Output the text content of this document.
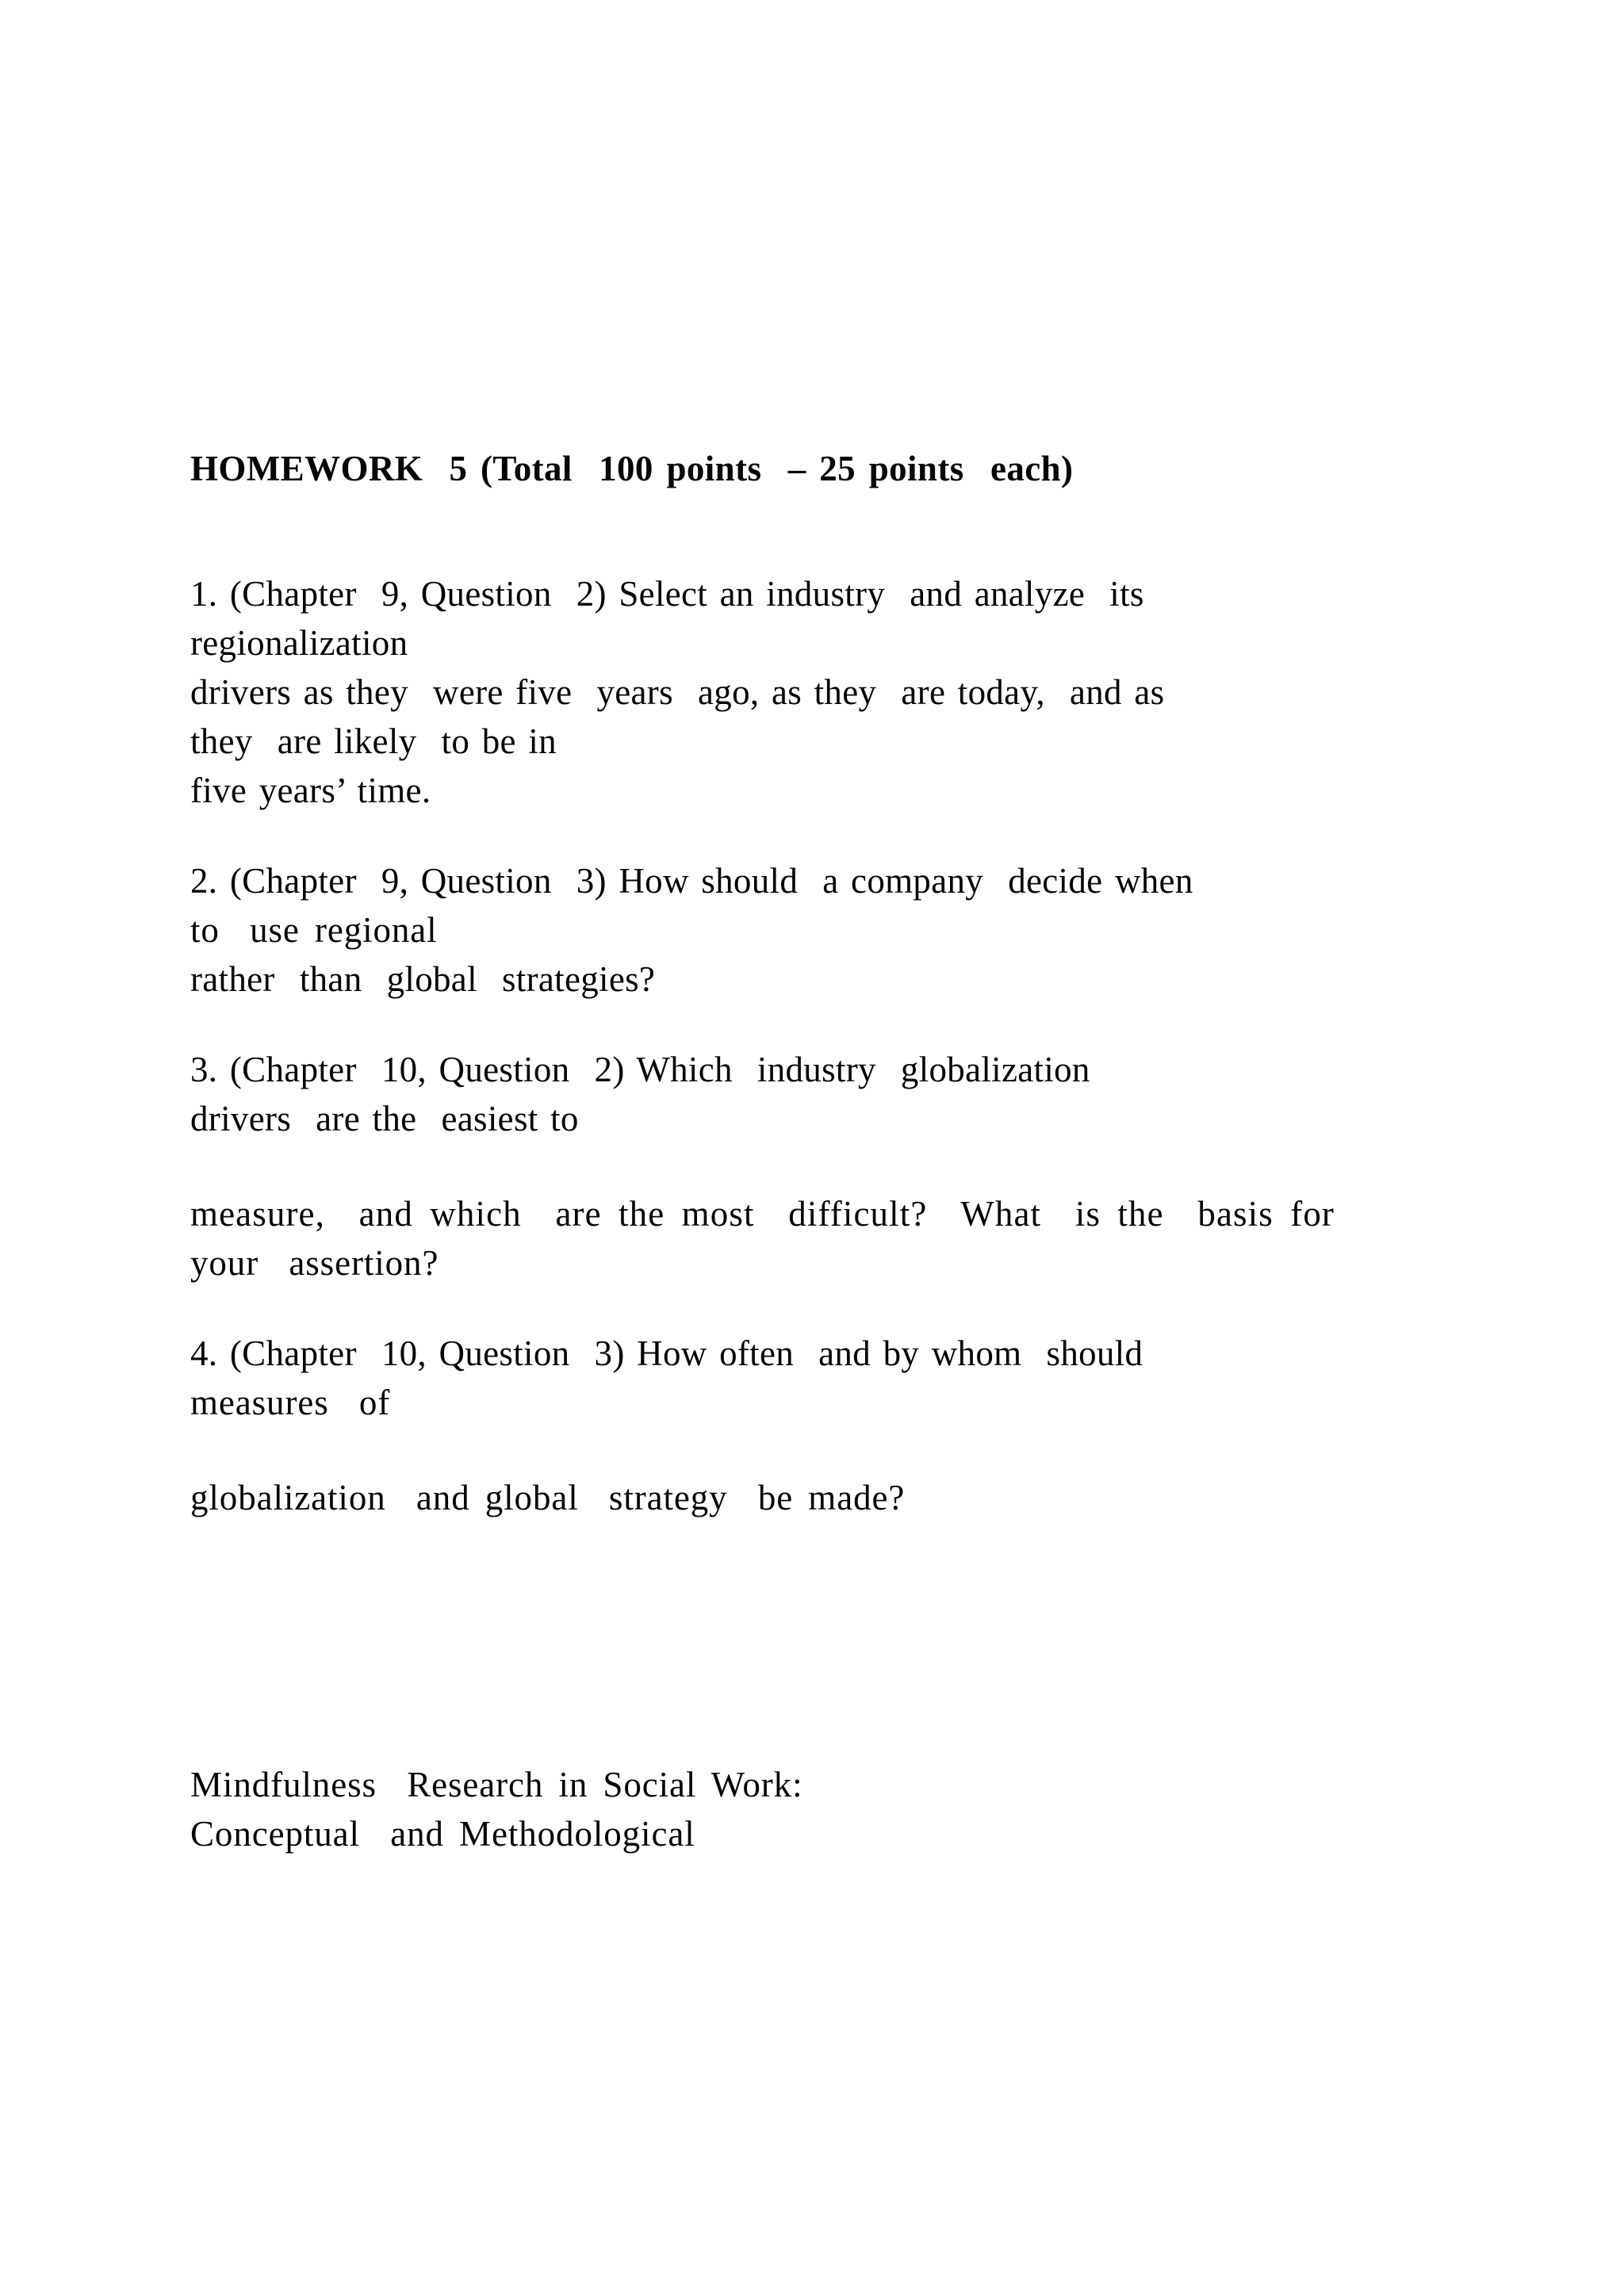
HOMEWORK  5 (Total  100 points  – 25 points  each)

1. (Chapter  9, Question  2) Select an industry  and analyze  its

regionalization

drivers as they  were five  years  ago, as they  are today,  and as

they  are likely  to be in

five years’ time.

2. (Chapter  9, Question  3) How should  a company  decide when

to  use regional

rather  than  global  strategies?

3. (Chapter  10, Question  2) Which  industry  globalization

drivers  are the  easiest to

measure,  and which  are the most  difficult?  What  is the  basis for

your  assertion?

4. (Chapter  10, Question  3) How often  and by whom  should

measures  of

globalization  and global  strategy  be made?

Mindfulness  Research in Social Work:

Conceptual  and Methodological
